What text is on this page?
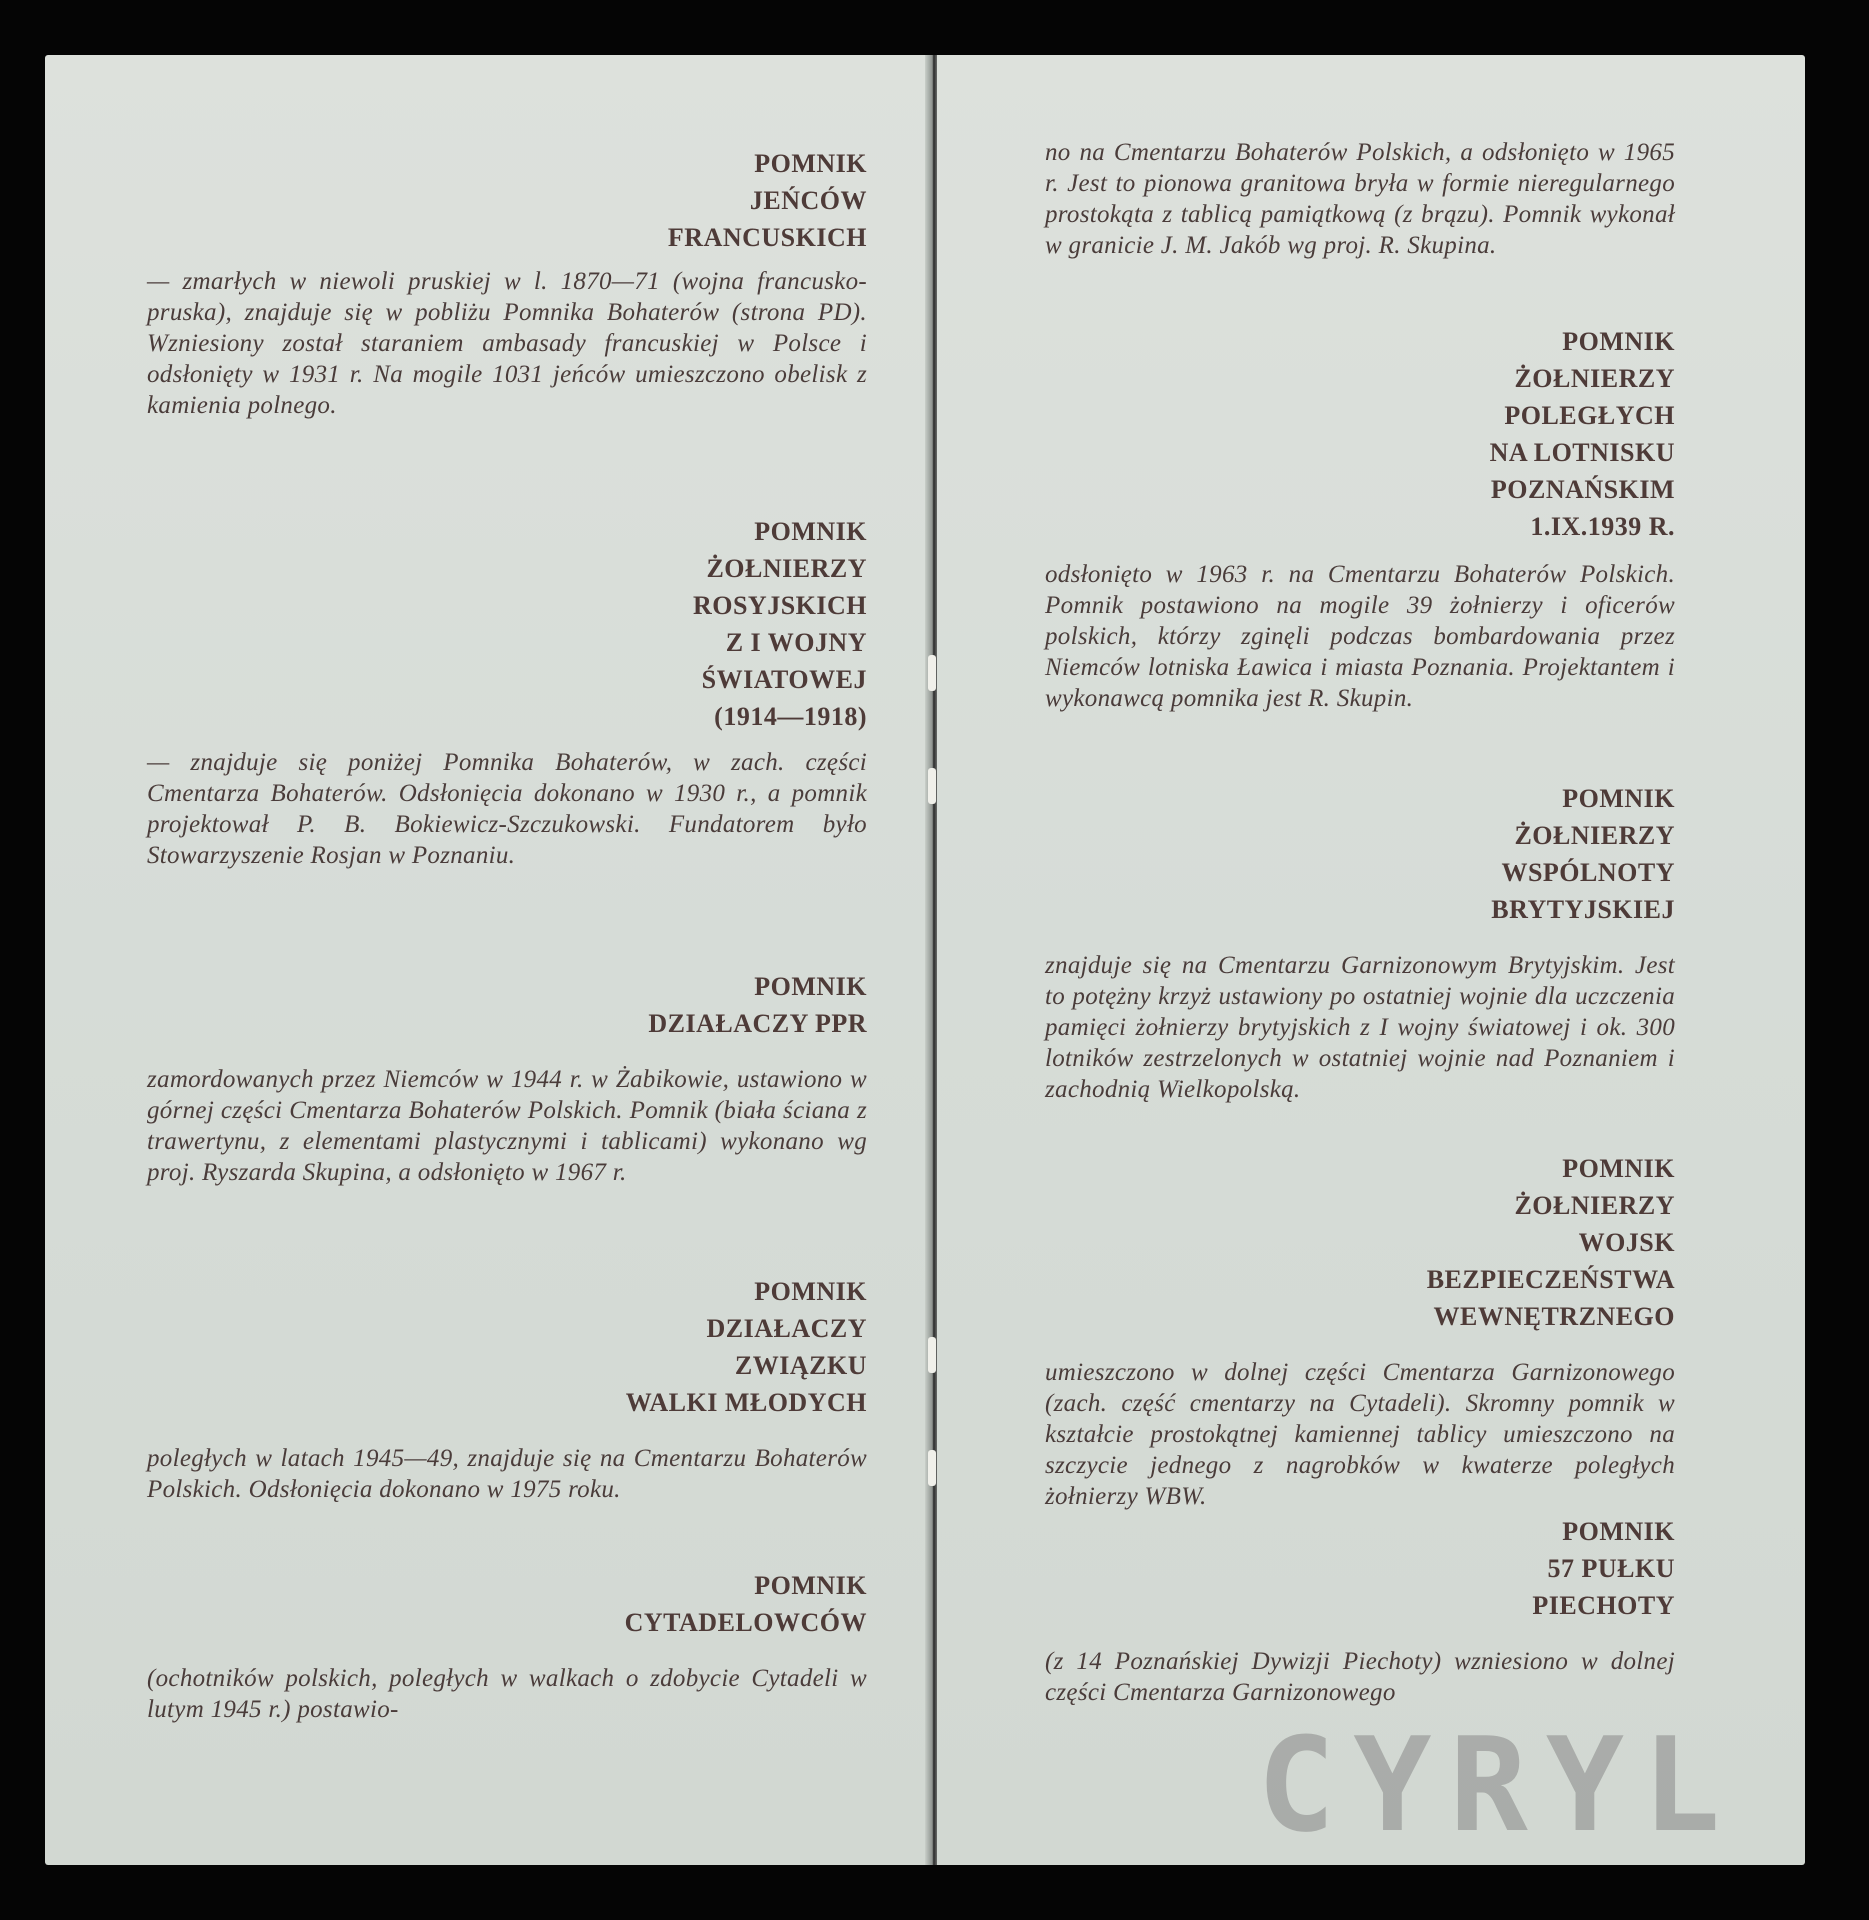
POMNIK
JEŃCÓW
FRANCUSKICH
— zmarłych w niewoli pruskiej w l. 1870—71 (wojna francusko-pruska), znajduje się w pobliżu Pomnika Bohaterów (strona PD). Wzniesiony został staraniem ambasady francuskiej w Polsce i odsłonięty w 1931 r. Na mogile 1031 jeńców umieszczono obelisk z kamienia polnego.
POMNIK
ŻOŁNIERZY
ROSYJSKICH
Z I WOJNY
ŚWIATOWEJ
(1914—1918)
— znajduje się poniżej Pomnika Bohaterów, w zach. części Cmentarza Bohaterów. Odsłonięcia dokonano w 1930 r., a pomnik projektował P. B. Bokiewicz-Szczukowski. Fundatorem było Stowarzyszenie Rosjan w Poznaniu.
POMNIK
DZIAŁACZY PPR
zamordowanych przez Niemców w 1944 r. w Żabikowie, ustawiono w górnej części Cmentarza Bohaterów Polskich. Pomnik (biała ściana z trawertynu, z elementami plastycznymi i tablicami) wykonano wg proj. Ryszarda Skupina, a odsłonięto w 1967 r.
POMNIK
DZIAŁACZY
ZWIĄZKU
WALKI MŁODYCH
poległych w latach 1945—49, znajduje się na Cmentarzu Bohaterów Polskich. Odsłonięcia dokonano w 1975 roku.
POMNIK
CYTADELOWCÓW
(ochotników polskich, poległych w walkach o zdobycie Cytadeli w lutym 1945 r.) postawio-
no na Cmentarzu Bohaterów Polskich, a odsłonięto w 1965 r. Jest to pionowa granitowa bryła w formie nieregularnego prostokąta z tablicą pamiątkową (z brązu). Pomnik wykonał w granicie J. M. Jakób wg proj. R. Skupina.
POMNIK
ŻOŁNIERZY
POLEGŁYCH
NA LOTNISKU
POZNAŃSKIM
1.IX.1939 R.
odsłonięto w 1963 r. na Cmentarzu Bohaterów Polskich. Pomnik postawiono na mogile 39 żołnierzy i oficerów polskich, którzy zginęli podczas bombardowania przez Niemców lotniska Ławica i miasta Poznania. Projektantem i wykonawcą pomnika jest R. Skupin.
POMNIK
ŻOŁNIERZY
WSPÓLNOTY
BRYTYJSKIEJ
znajduje się na Cmentarzu Garnizonowym Brytyjskim. Jest to potężny krzyż ustawiony po ostatniej wojnie dla uczczenia pamięci żołnierzy brytyjskich z I wojny światowej i ok. 300 lotników zestrzelonych w ostatniej wojnie nad Poznaniem i zachodnią Wielkopolską.
POMNIK
ŻOŁNIERZY
WOJSK
BEZPIECZEŃSTWA
WEWNĘTRZNEGO
umieszczono w dolnej części Cmentarza Garnizonowego (zach. część cmentarzy na Cytadeli). Skromny pomnik w kształcie prostokątnej kamiennej tablicy umieszczono na szczycie jednego z nagrobków w kwaterze poległych żołnierzy WBW.
POMNIK
57 PUŁKU
PIECHOTY
(z 14 Poznańskiej Dywizji Piechoty) wzniesiono w dolnej części Cmentarza Garnizonowego
CYRYL
